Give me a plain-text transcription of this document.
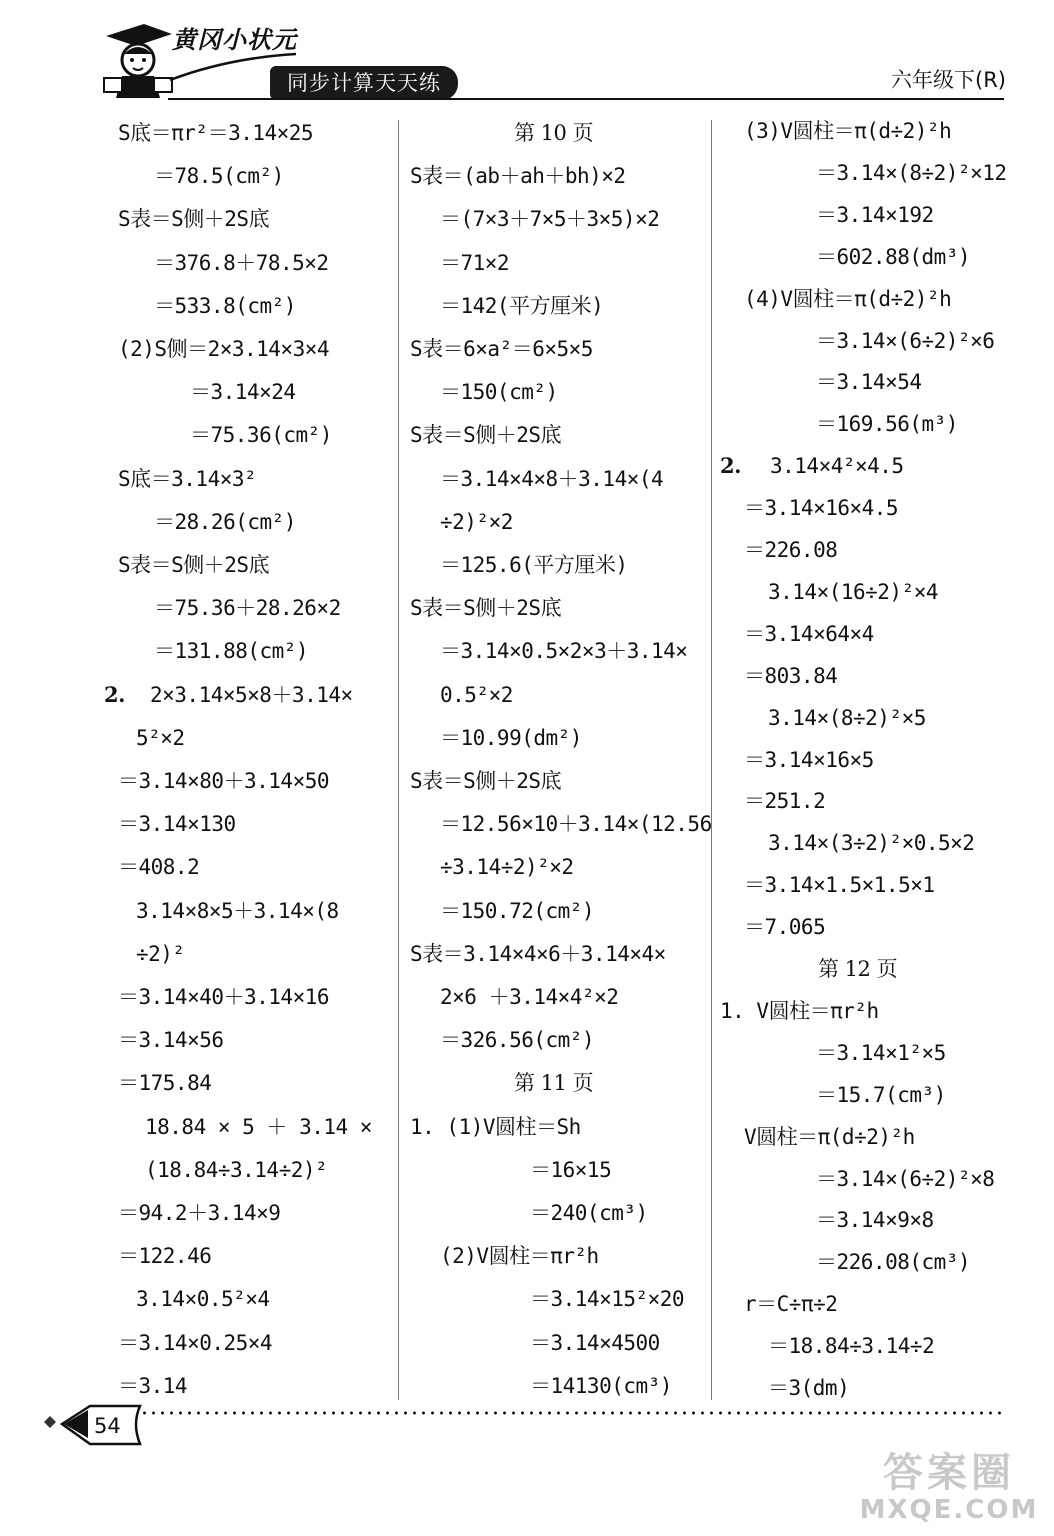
黄冈小状元
同步计算天天练	六年级下(R)
S底＝πr²＝3.14×25
＝78.5(cm²)
S表＝S侧＋2S底
＝376.8＋78.5×2
＝533.8(cm²)
(2)S侧＝2×3.14×3×4
＝3.14×24
＝75.36(cm²)
S底＝3.14×3²
＝28.26(cm²)
S表＝S侧＋2S底
＝75.36＋28.26×2
＝131.88(cm²)
2.
5²×2
＝3.14×80＋3.14×50
＝3.14×130
＝408.2
3.14×8×5＋3.14×(8
÷2)²
＝3.14×40＋3.14×16
＝3.14×56
＝175.84
18.84 × 5 ＋ 3.14 ×
(18.84÷3.14÷2)²
＝94.2＋3.14×9
＝122.46
3.14×0.5²×4
＝3.14×0.25×4
＝3.14
2×3.14×5×8＋3.14×
第 10 页
S表＝(ab＋ah＋bh)×2
＝(7×3＋7×5＋3×5)×2
＝71×2
＝142(平方厘米)
S表＝6×a²＝6×5×5
＝150(cm²)
S表＝S侧＋2S底
＝3.14×4×8＋3.14×(4
÷2)²×2
＝125.6(平方厘米)
S表＝S侧＋2S底
＝3.14×0.5×2×3＋3.14×
0.5²×2
＝10.99(dm²)
S表＝S侧＋2S底
＝12.56×10＋3.14×(12.56
÷3.14÷2)²×2
＝150.72(cm²)
S表＝3.14×4×6＋3.14×4×
2×6 ＋3.14×4²×2
＝326.56(cm²)
第 11 页
1. (1)V圆柱＝Sh
＝16×15
＝240(cm³)
(2)V圆柱＝πr²h
＝3.14×15²×20
＝3.14×4500
＝14130(cm³)
(3)V圆柱＝π(d÷2)²h
＝3.14×(8÷2)²×12
＝3.14×192
＝602.88(dm³)
(4)V圆柱＝π(d÷2)²h
＝3.14×(6÷2)²×6
＝3.14×54
＝169.56(m³)
2.
＝3.14×16×4.5
＝226.08
3.14×(16÷2)²×4
＝3.14×64×4
＝803.84
3.14×(8÷2)²×5
＝3.14×16×5
＝251.2
3.14×(3÷2)²×0.5×2
＝3.14×1.5×1.5×1
＝7.065
第 12 页
1. V圆柱＝πr²h
＝3.14×1²×5
＝15.7(cm³)
V圆柱＝π(d÷2)²h
＝3.14×(6÷2)²×8
＝3.14×9×8
＝226.08(cm³)
r＝C÷π÷2
＝18.84÷3.14÷2
＝3(dm)
3.14×4²×4.5
54
答案圈
MXQE.COM
